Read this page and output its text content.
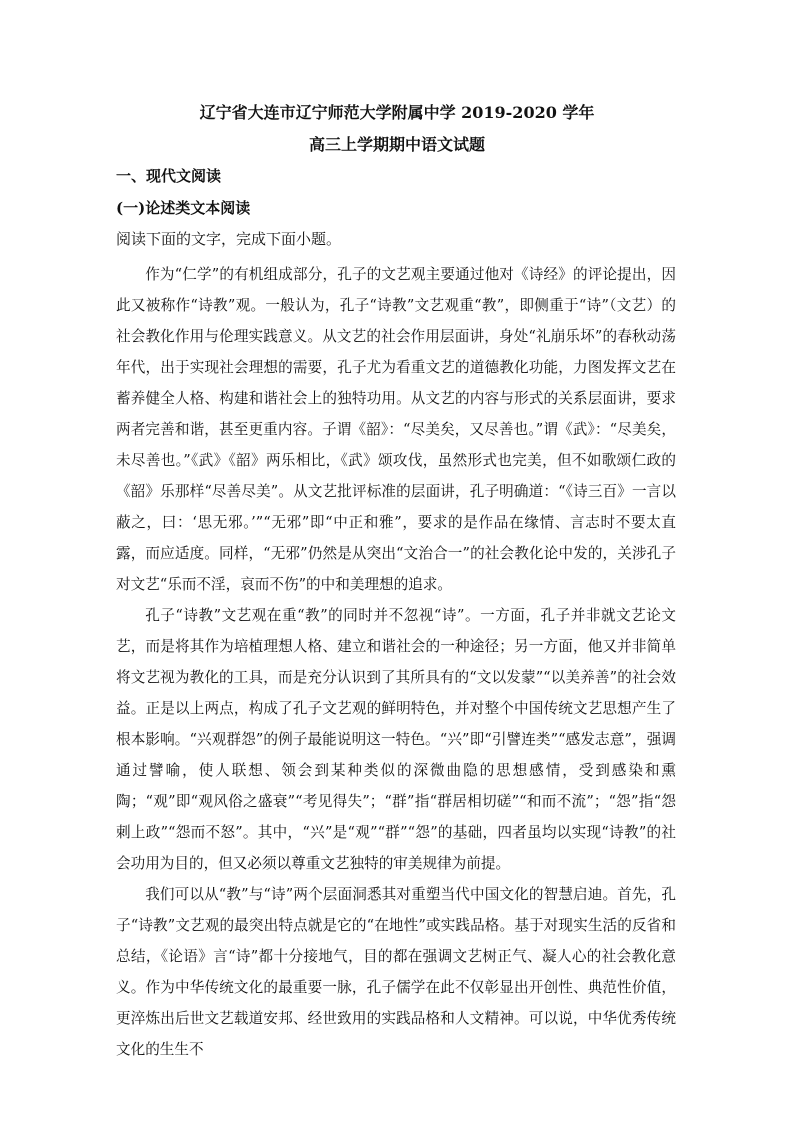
辽宁省大连市辽宁师范大学附属中学 2019-2020 学年
高三上学期期中语文试题
一、现代文阅读
(一)论述类文本阅读
阅读下面的文字，完成下面小题。

作为“仁学”的有机组成部分，孔子的文艺观主要通过他对《诗经》的评论提出，因此又被称作“诗教”观。一般认为，孔子“诗教”文艺观重“教”，即侧重于“诗”（文艺）的社会教化作用与伦理实践意义。从文艺的社会作用层面讲，身处“礼崩乐坏”的春秋动荡年代，出于实现社会理想的需要，孔子尤为看重文艺的道德教化功能，力图发挥文艺在蓄养健全人格、构建和谐社会上的独特功用。从文艺的内容与形式的关系层面讲，要求两者完善和谐，甚至更重内容。子谓《韶》：“尽美矣，又尽善也。”谓《武》：“尽美矣，未尽善也。”《武》《韶》两乐相比，《武》颂攻伐，虽然形式也完美，但不如歌颂仁政的《韶》乐那样“尽善尽美”。从文艺批评标准的层面讲，孔子明确道：“《诗三百》一言以蔽之，曰：‘思无邪。’”“无邪”即“中正和雅”，要求的是作品在缘情、言志时不要太直露，而应适度。同样，“无邪”仍然是从突出“文治合一”的社会教化论中发的，关涉孔子对文艺“乐而不淫，哀而不伤”的中和美理想的追求。

孔子“诗教”文艺观在重“教”的同时并不忽视“诗”。一方面，孔子并非就文艺论文艺，而是将其作为培植理想人格、建立和谐社会的一种途径；另一方面，他又并非简单将文艺视为教化的工具，而是充分认识到了其所具有的“文以发蒙”“以美养善”的社会效益。正是以上两点，构成了孔子文艺观的鲜明特色，并对整个中国传统文艺思想产生了根本影响。“兴观群怨”的例子最能说明这一特色。“兴”即“引譬连类”“感发志意”，强调通过譬喻，使人联想、领会到某种类似的深微曲隐的思想感情，受到感染和熏陶；“观”即“观风俗之盛衰”“考见得失”；“群”指“群居相切磋”“和而不流”；“怨”指“怨刺上政”“怨而不怒”。其中，“兴”是“观”“群”“怨”的基础，四者虽均以实现“诗教”的社会功用为目的，但又必须以尊重文艺独特的审美规律为前提。

我们可以从“教”与“诗”两个层面洞悉其对重塑当代中国文化的智慧启迪。首先，孔子“诗教”文艺观的最突出特点就是它的“在地性”或实践品格。基于对现实生活的反省和总结，《论语》言“诗”都十分接地气，目的都在强调文艺树正气、凝人心的社会教化意义。作为中华传统文化的最重要一脉，孔子儒学在此不仅彰显出开创性、典范性价值，更淬炼出后世文艺载道安邦、经世致用的实践品格和人文精神。可以说，中华优秀传统文化的生生不
